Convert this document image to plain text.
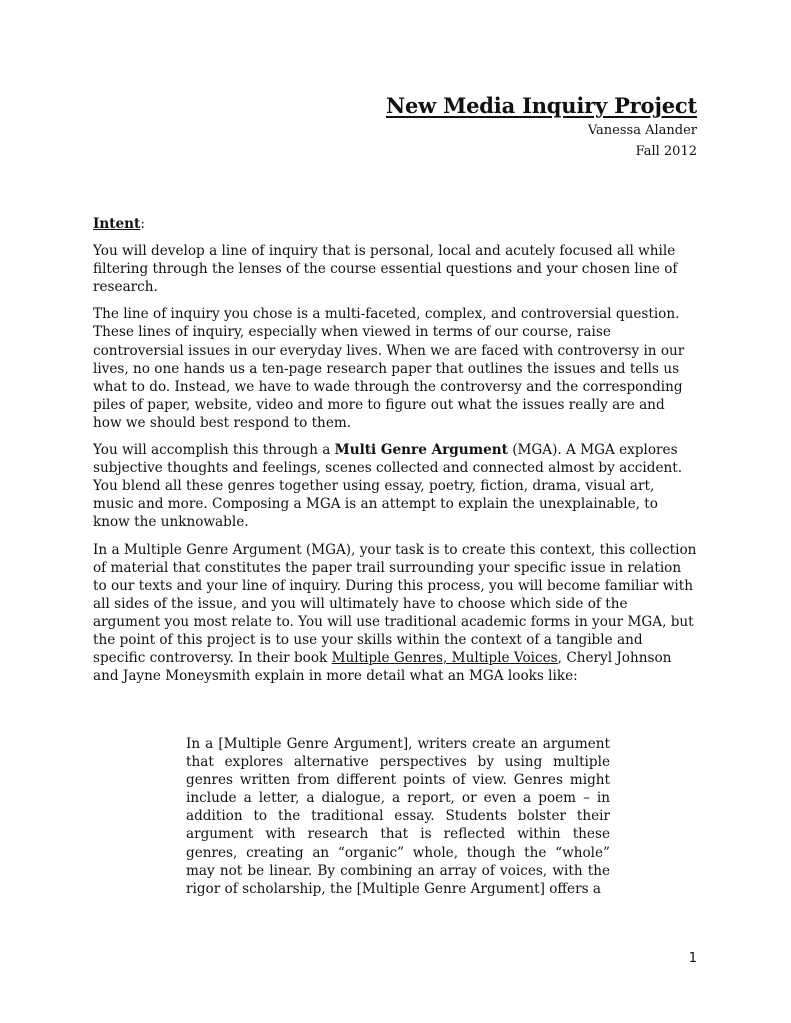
New Media Inquiry Project
Vanessa Alander
Fall 2012

Intent:

You will develop a line of inquiry that is personal, local and acutely focused all while filtering through the lenses of the course essential questions and your chosen line of research.

The line of inquiry you chose is a multi-faceted, complex, and controversial question. These lines of inquiry, especially when viewed in terms of our course, raise controversial issues in our everyday lives. When we are faced with controversy in our lives, no one hands us a ten-page research paper that outlines the issues and tells us what to do. Instead, we have to wade through the controversy and the corresponding piles of paper, website, video and more to figure out what the issues really are and how we should best respond to them.

You will accomplish this through a Multi Genre Argument (MGA). A MGA explores subjective thoughts and feelings, scenes collected and connected almost by accident. You blend all these genres together using essay, poetry, fiction, drama, visual art, music and more. Composing a MGA is an attempt to explain the unexplainable, to know the unknowable.

In a Multiple Genre Argument (MGA), your task is to create this context, this collection of material that constitutes the paper trail surrounding your specific issue in relation to our texts and your line of inquiry. During this process, you will become familiar with all sides of the issue, and you will ultimately have to choose which side of the argument you most relate to. You will use traditional academic forms in your MGA, but the point of this project is to use your skills within the context of a tangible and specific controversy. In their book Multiple Genres, Multiple Voices, Cheryl Johnson and Jayne Moneysmith explain in more detail what an MGA looks like:

In a [Multiple Genre Argument], writers create an argument that explores alternative perspectives by using multiple genres written from different points of view. Genres might include a letter, a dialogue, a report, or even a poem – in addition to the traditional essay. Students bolster their argument with research that is reflected within these genres, creating an “organic” whole, though the “whole” may not be linear. By combining an array of voices, with the rigor of scholarship, the [Multiple Genre Argument] offers a
1
